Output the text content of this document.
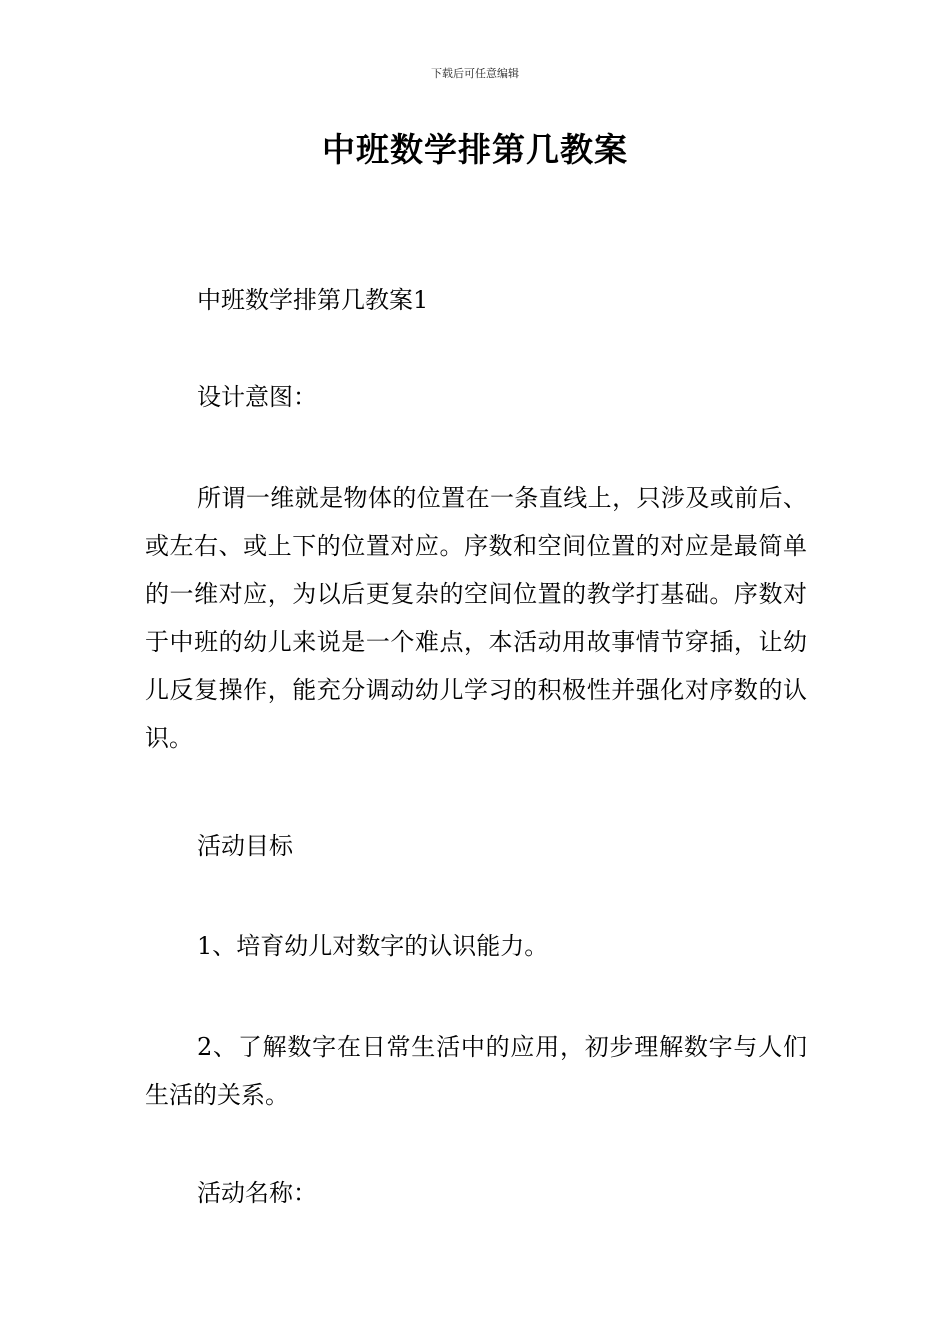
下载后可任意编辑
中班数学排第几教案

中班数学排第几教案1

设计意图：

所谓一维就是物体的位置在一条直线上，只涉及或前后、或左右、或上下的位置对应。序数和空间位置的对应是最简单的一维对应，为以后更复杂的空间位置的教学打基础。序数对于中班的幼儿来说是一个难点，本活动用故事情节穿插，让幼儿反复操作，能充分调动幼儿学习的积极性并强化对序数的认识。

活动目标

1、培育幼儿对数字的认识能力。

2、了解数字在日常生活中的应用，初步理解数字与人们生活的关系。

活动名称：
